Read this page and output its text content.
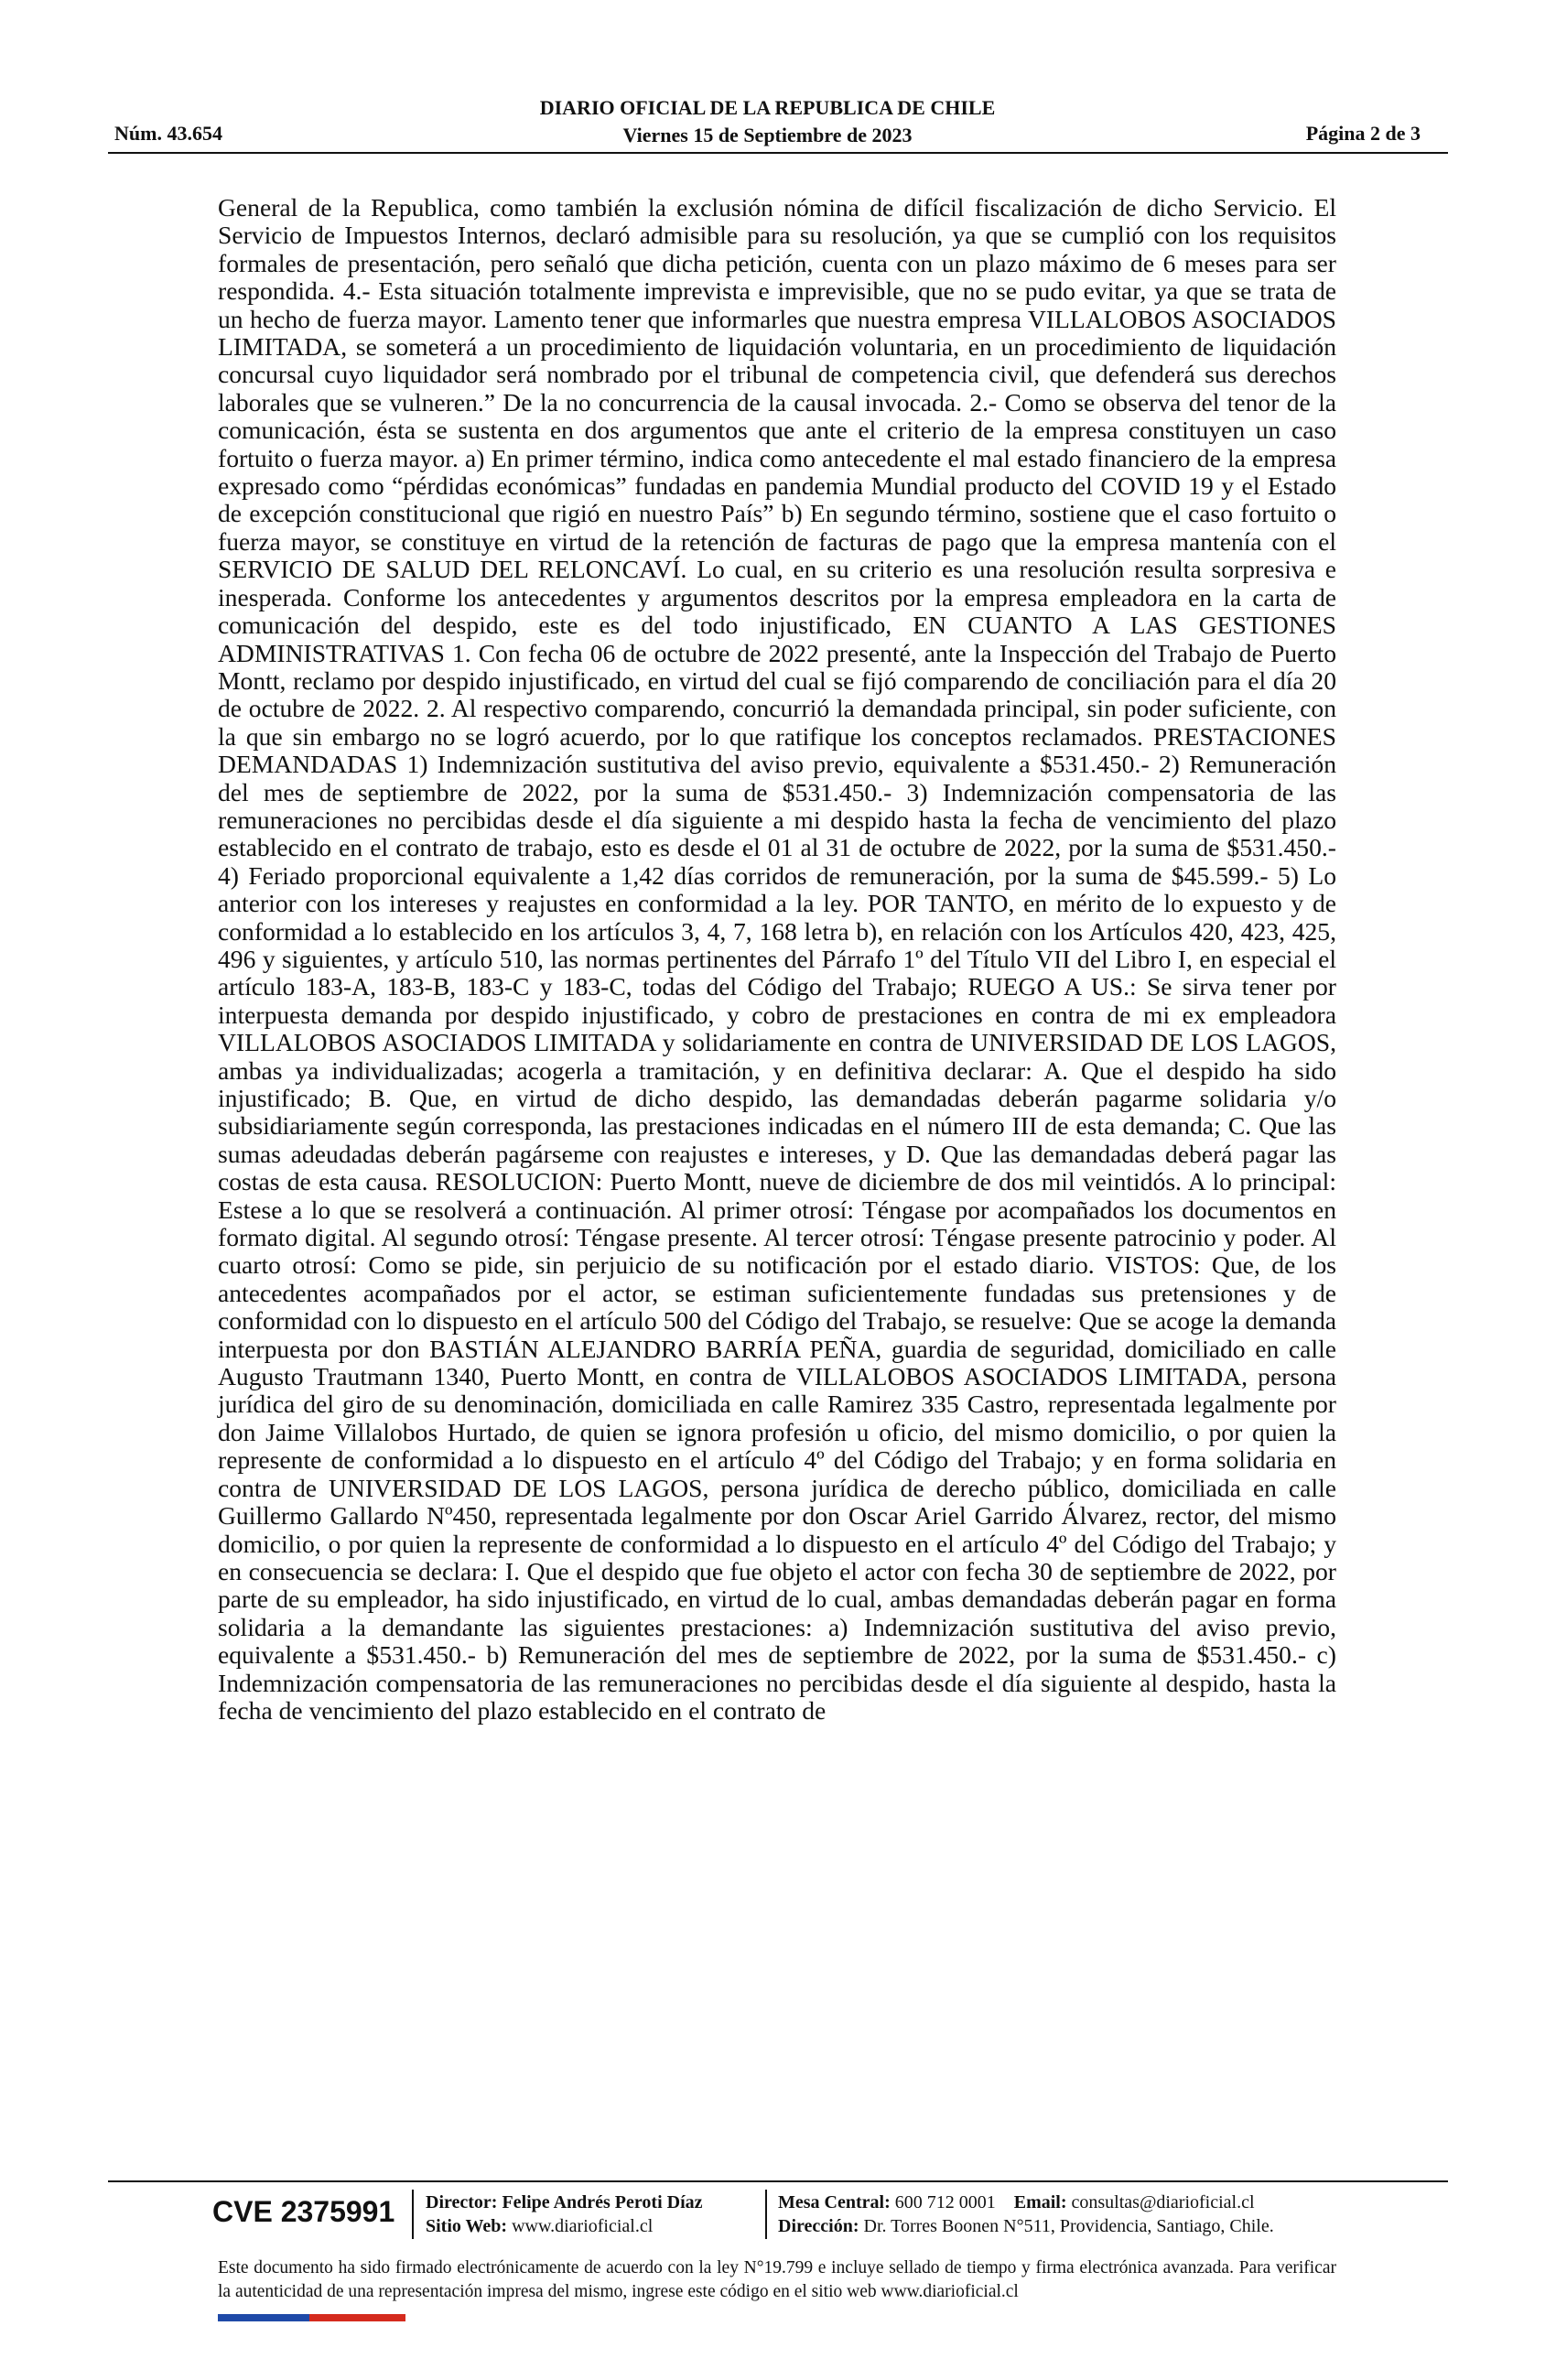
Núm. 43.654
DIARIO OFICIAL DE LA REPUBLICA DE CHILE
Viernes 15 de Septiembre de 2023	Página 2 de 3

General de la Republica, como también la exclusión nómina de difícil fiscalización de dicho Servicio. El Servicio de Impuestos Internos, declaró admisible para su resolución, ya que se cumplió con los requisitos formales de presentación, pero señaló que dicha petición, cuenta con un plazo máximo de 6 meses para ser respondida. 4.- Esta situación totalmente imprevista e imprevisible, que no se pudo evitar, ya que se trata de un hecho de fuerza mayor. Lamento tener que informarles que nuestra empresa VILLALOBOS ASOCIADOS LIMITADA, se someterá a un procedimiento de liquidación voluntaria, en un procedimiento de liquidación concursal cuyo liquidador será nombrado por el tribunal de competencia civil, que defenderá sus derechos laborales que se vulneren.” De la no concurrencia de la causal invocada. 2.- Como se observa del tenor de la comunicación, ésta se sustenta en dos argumentos que ante el criterio de la empresa constituyen un caso fortuito o fuerza mayor. a) En primer término, indica como antecedente el mal estado financiero de la empresa expresado como “pérdidas económicas” fundadas en pandemia Mundial producto del COVID 19 y el Estado de excepción constitucional que rigió en nuestro País” b) En segundo término, sostiene que el caso fortuito o fuerza mayor, se constituye en virtud de la retención de facturas de pago que la empresa mantenía con el SERVICIO DE SALUD DEL RELONCAVÍ. Lo cual, en su criterio es una resolución resulta sorpresiva e inesperada. Conforme los antecedentes y argumentos descritos por la empresa empleadora en la carta de comunicación del despido, este es del todo injustificado, EN CUANTO A LAS GESTIONES ADMINISTRATIVAS 1. Con fecha 06 de octubre de 2022 presenté, ante la Inspección del Trabajo de Puerto Montt, reclamo por despido injustificado, en virtud del cual se fijó comparendo de conciliación para el día 20 de octubre de 2022. 2. Al respectivo comparendo, concurrió la demandada principal, sin poder suficiente, con la que sin embargo no se logró acuerdo, por lo que ratifique los conceptos reclamados. PRESTACIONES DEMANDADAS 1) Indemnización sustitutiva del aviso previo, equivalente a $531.450.- 2) Remuneración del mes de septiembre de 2022, por la suma de $531.450.- 3) Indemnización compensatoria de las remuneraciones no percibidas desde el día siguiente a mi despido hasta la fecha de vencimiento del plazo establecido en el contrato de trabajo, esto es desde el 01 al 31 de octubre de 2022, por la suma de $531.450.- 4) Feriado proporcional equivalente a 1,42 días corridos de remuneración, por la suma de $45.599.- 5) Lo anterior con los intereses y reajustes en conformidad a la ley. POR TANTO, en mérito de lo expuesto y de conformidad a lo establecido en los artículos 3, 4, 7, 168 letra b), en relación con los Artículos 420, 423, 425, 496 y siguientes, y artículo 510, las normas pertinentes del Párrafo 1º del Título VII del Libro I, en especial el artículo 183-A, 183-B, 183-C y 183-C, todas del Código del Trabajo; RUEGO A US.: Se sirva tener por interpuesta demanda por despido injustificado, y cobro de prestaciones en contra de mi ex empleadora VILLALOBOS ASOCIADOS LIMITADA y solidariamente en contra de UNIVERSIDAD DE LOS LAGOS, ambas ya individualizadas; acogerla a tramitación, y en definitiva declarar: A. Que el despido ha sido injustificado; B. Que, en virtud de dicho despido, las demandadas deberán pagarme solidaria y/o subsidiariamente según corresponda, las prestaciones indicadas en el número III de esta demanda; C. Que las sumas adeudadas deberán pagárseme con reajustes e intereses, y D. Que las demandadas deberá pagar las costas de esta causa. RESOLUCION: Puerto Montt, nueve de diciembre de dos mil veintidós. A lo principal: Estese a lo que se resolverá a continuación. Al primer otrosí: Téngase por acompañados los documentos en formato digital. Al segundo otrosí: Téngase presente. Al tercer otrosí: Téngase presente patrocinio y poder. Al cuarto otrosí: Como se pide, sin perjuicio de su notificación por el estado diario. VISTOS: Que, de los antecedentes acompañados por el actor, se estiman suficientemente fundadas sus pretensiones y de conformidad con lo dispuesto en el artículo 500 del Código del Trabajo, se resuelve: Que se acoge la demanda interpuesta por don BASTIÁN ALEJANDRO BARRÍA PEÑA, guardia de seguridad, domiciliado en calle Augusto Trautmann 1340, Puerto Montt, en contra de VILLALOBOS ASOCIADOS LIMITADA, persona jurídica del giro de su denominación, domiciliada en calle Ramirez 335 Castro, representada legalmente por don Jaime Villalobos Hurtado, de quien se ignora profesión u oficio, del mismo domicilio, o por quien la represente de conformidad a lo dispuesto en el artículo 4º del Código del Trabajo; y en forma solidaria en contra de UNIVERSIDAD DE LOS LAGOS, persona jurídica de derecho público, domiciliada en calle Guillermo Gallardo Nº450, representada legalmente por don Oscar Ariel Garrido Álvarez, rector, del mismo domicilio, o por quien la represente de conformidad a lo dispuesto en el artículo 4º del Código del Trabajo; y en consecuencia se declara: I. Que el despido que fue objeto el actor con fecha 30 de septiembre de 2022, por parte de su empleador, ha sido injustificado, en virtud de lo cual, ambas demandadas deberán pagar en forma solidaria a la demandante las siguientes prestaciones: a) Indemnización sustitutiva del aviso previo, equivalente a $531.450.- b) Remuneración del mes de septiembre de 2022, por la suma de $531.450.- c) Indemnización compensatoria de las remuneraciones no percibidas desde el día siguiente al despido, hasta la fecha de vencimiento del plazo establecido en el contrato de

CVE 2375991	Director: Felipe Andrés Peroti Díaz
Sitio Web: www.diarioficial.cl
Mesa Central: 600 712 0001 Email: consultas@diarioficial.cl
Dirección: Dr. Torres Boonen N°511, Providencia, Santiago, Chile.

Este documento ha sido firmado electrónicamente de acuerdo con la ley N°19.799 e incluye sellado de tiempo y firma electrónica avanzada. Para verificar la autenticidad de una representación impresa del mismo, ingrese este código en el sitio web www.diarioficial.cl
